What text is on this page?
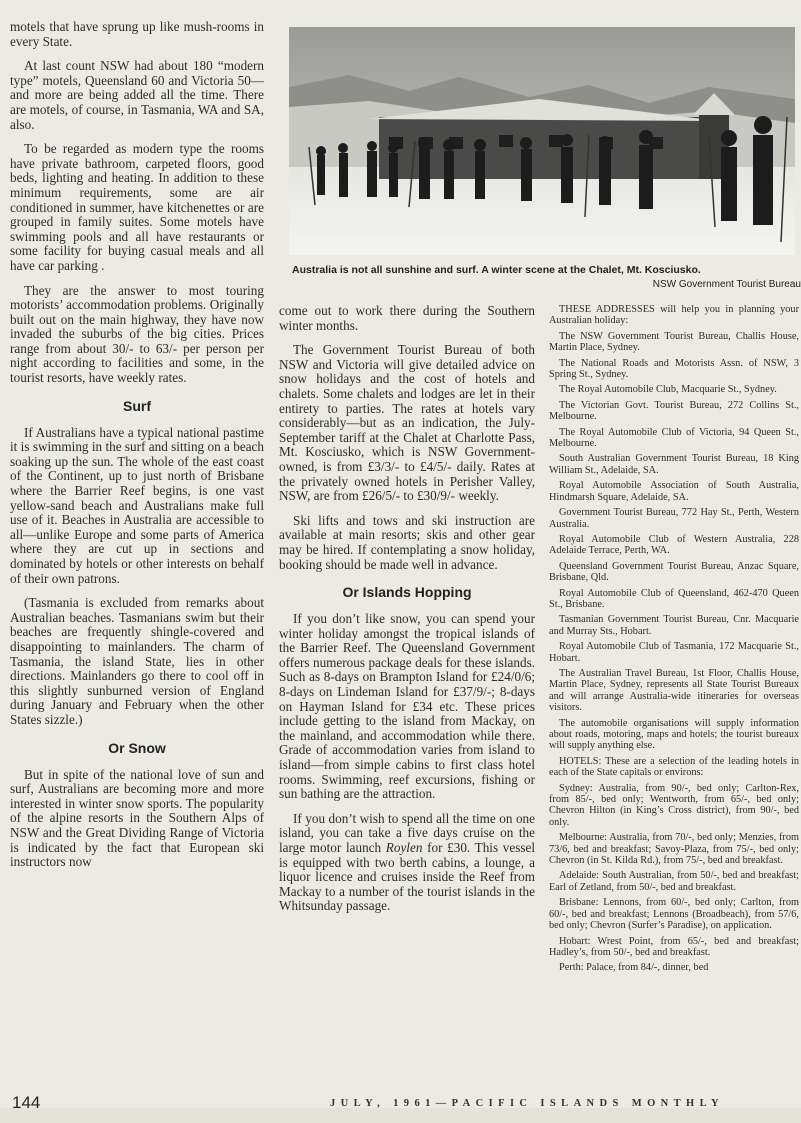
motels that have sprung up like mush-rooms in every State.

At last count NSW had about 180 “modern type” motels, Queensland 60 and Victoria 50—and more are being added all the time. There are motels, of course, in Tasmania, WA and SA, also.

To be regarded as modern type the rooms have private bathroom, carpeted floors, good beds, lighting and heating. In addition to these minimum requirements, some are air conditioned in summer, have kitchenettes or are grouped in family suites. Some motels have swimming pools and all have restaurants or some facility for buying casual meals and all have car parking .

They are the answer to most touring motorists’ accommodation problems. Originally built out on the main highway, they have now invaded the suburbs of the big cities. Prices range from about 30/- to 63/- per person per night according to facilities and some, in the tourist resorts, have weekly rates.

Surf

If Australians have a typical national pastime it is swimming in the surf and sitting on a beach soaking up the sun. The whole of the east coast of the Continent, up to just north of Brisbane where the Barrier Reef begins, is one vast yellow-sand beach and Australians make full use of it. Beaches in Australia are accessible to all—unlike Europe and some parts of America where they are cut up in sections and dominated by hotels or other interests on behalf of their own patrons.

(Tasmania is excluded from remarks about Australian beaches. Tasmanians swim but their beaches are frequently shingle-covered and disappointing to mainlanders. The charm of Tasmania, the island State, lies in other directions. Mainlanders go there to cool off in this slightly sunburned version of England during January and February when the other States sizzle.)

Or Snow

But in spite of the national love of sun and surf, Australians are becoming more and more interested in winter snow sports. The popularity of the alpine resorts in the Southern Alps of NSW and the Great Dividing Range of Victoria is indicated by the fact that European ski instructors now

Australia is not all sunshine and surf. A winter scene at the Chalet, Mt. Kosciusko.
NSW Government Tourist Bureau

come out to work there during the Southern winter months.

The Government Tourist Bureau of both NSW and Victoria will give detailed advice on snow holidays and the cost of hotels and chalets. Some chalets and lodges are let in their entirety to parties. The rates at hotels vary considerably—but as an indication, the July-September tariff at the Chalet at Charlotte Pass, Mt. Kosciusko, which is NSW Government-owned, is from £3/3/- to £4/5/- daily. Rates at the privately owned hotels in Perisher Valley, NSW, are from £26/5/- to £30/9/- weekly.

Ski lifts and tows and ski instruction are available at main resorts; skis and other gear may be hired. If contemplating a snow holiday, booking should be made well in advance.

Or Islands Hopping

If you don’t like snow, you can spend your winter holiday amongst the tropical islands of the Barrier Reef. The Queensland Government offers numerous package deals for these islands. Such as 8-days on Brampton Island for £24/0/6; 8-days on Lindeman Island for £37/9/-; 8-days on Hayman Island for £34 etc. These prices include getting to the island from Mackay, on the mainland, and accommodation while there. Grade of accommodation varies from island to island—from simple cabins to first class hotel rooms. Swimming, reef excursions, fishing or sun bathing are the attraction.

If you don’t wish to spend all the time on one island, you can take a five days cruise on the large motor launch Roylen for £30. This vessel is equipped with two berth cabins, a lounge, a liquor licence and cruises inside the Reef from Mackay to a number of the tourist islands in the Whitsunday passage.

THESE ADDRESSES will help you in planning your Australian holiday:

The NSW Government Tourist Bureau, Challis House, Martin Place, Sydney.

The National Roads and Motorists Assn. of NSW, 3 Spring St., Sydney.

The Royal Automobile Club, Macquarie St., Sydney.

The Victorian Govt. Tourist Bureau, 272 Collins St., Melbourne.

The Royal Automobile Club of Victoria, 94 Queen St., Melbourne.

South Australian Government Tourist Bureau, 18 King William St., Adelaide, SA.

Royal Automobile Association of South Australia, Hindmarsh Square, Adelaide, SA.

Government Tourist Bureau, 772 Hay St., Perth, Western Australia.

Royal Automobile Club of Western Australia, 228 Adelaide Terrace, Perth, WA.

Queensland Government Tourist Bureau, Anzac Square, Brisbane, Qld.

Royal Automobile Club of Queensland, 462-470 Queen St., Brisbane.

Tasmanian Government Tourist Bureau, Cnr. Macquarie and Murray Sts., Hobart.

Royal Automobile Club of Tasmania, 172 Macquarie St., Hobart.

The Australian Travel Bureau, 1st Floor, Challis House, Martin Place, Sydney, represents all State Tourist Bureaux and will arrange Australia-wide itineraries for overseas visitors.

The automobile organisations will supply information about roads, motoring, maps and hotels; the tourist bureaux will supply anything else.

HOTELS: These are a selection of the leading hotels in each of the State capitals or environs:

Sydney: Australia, from 90/-, bed only; Carlton-Rex, from 85/-, bed only; Wentworth, from 65/-, bed only; Chevron Hilton (in King’s Cross district), from 90/-, bed only.

Melbourne: Australia, from 70/-, bed only; Menzies, from 73/6, bed and breakfast; Savoy-Plaza, from 75/-, bed only; Chevron (in St. Kilda Rd.), from 75/-, bed and breakfast.

Adelaide: South Australian, from 50/-, bed and breakfast; Earl of Zetland, from 50/-, bed and breakfast.

Brisbane: Lennons, from 60/-, bed only; Carlton, from 60/-, bed and breakfast; Lennons (Broadbeach), from 57/6, bed only; Chevron (Surfer’s Paradise), on application.

Hobart: Wrest Point, from 65/-, bed and breakfast; Hadley’s, from 50/-, bed and breakfast.

Perth: Palace, from 84/-, dinner, bed

144	JULY, 1961—PACIFIC ISLANDS MONTHLY
